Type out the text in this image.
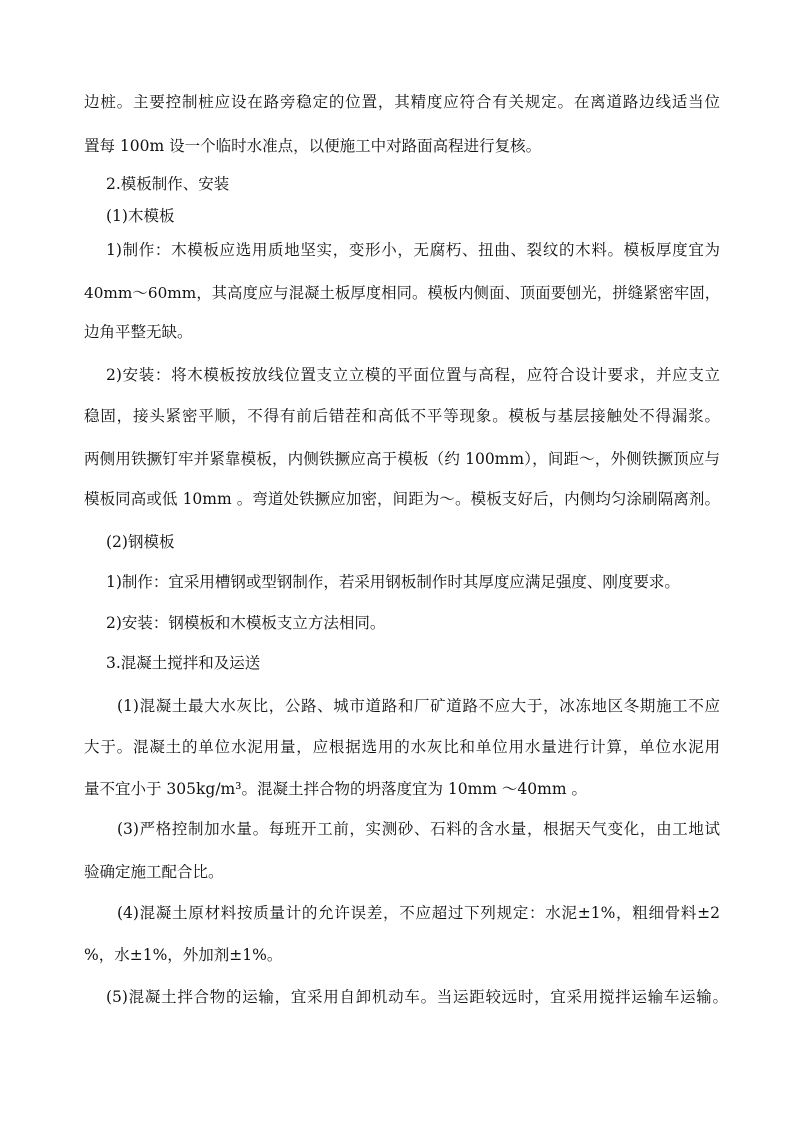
边桩。主要控制桩应设在路旁稳定的位置，其精度应符合有关规定。在离道路边线适当位
置每 100m 设一个临时水准点，以便施工中对路面高程进行复核。
2.模板制作、安装
(1)木模板
1)制作：木模板应选用质地坚实，变形小，无腐朽、扭曲、裂纹的木料。模板厚度宜为
40mm～60mm，其高度应与混凝土板厚度相同。模板内侧面、顶面要刨光，拼缝紧密牢固，
边角平整无缺。
2)安装：将木模板按放线位置支立立模的平面位置与高程，应符合设计要求，并应支立
稳固，接头紧密平顺，不得有前后错茬和高低不平等现象。模板与基层接触处不得漏浆。
两侧用铁撅钉牢并紧靠模板，内侧铁撅应高于模板（约 100mm），间距～，外侧铁撅顶应与
模板同高或低 10mm 。弯道处铁撅应加密，间距为～。模板支好后，内侧均匀涂刷隔离剂。
(2)钢模板
1)制作：宜采用槽钢或型钢制作，若采用钢板制作时其厚度应满足强度、刚度要求。
2)安装：钢模板和木模板支立方法相同。
3.混凝土搅拌和及运送
(1)混凝土最大水灰比，公路、城市道路和厂矿道路不应大于，冰冻地区冬期施工不应
大于。混凝土的单位水泥用量，应根据选用的水灰比和单位用水量进行计算，单位水泥用
量不宜小于 305kg/m³。混凝土拌合物的坍落度宜为 10mm ～40mm 。
(3)严格控制加水量。每班开工前，实测砂、石料的含水量，根据天气变化，由工地试
验确定施工配合比。
(4)混凝土原材料按质量计的允许误差，不应超过下列规定：水泥±1%，粗细骨料±2
%，水±1%，外加剂±1%。
(5)混凝土拌合物的运输，宜采用自卸机动车。当运距较远时，宜采用搅拌运输车运输。
